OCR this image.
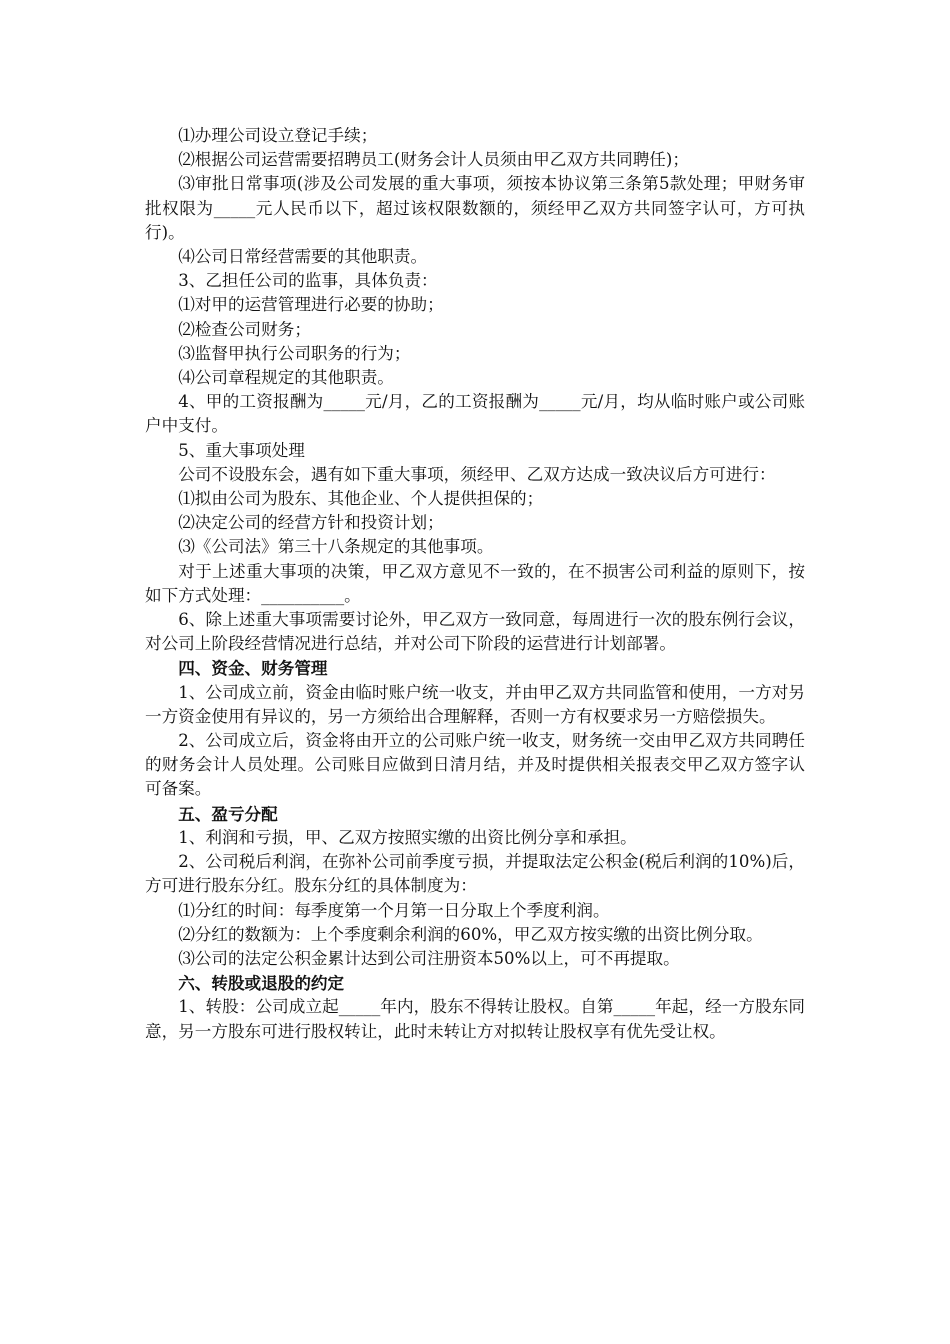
⑴办理公司设立登记手续；

⑵根据公司运营需要招聘员工(财务会计人员须由甲乙双方共同聘任)；

⑶审批日常事项(涉及公司发展的重大事项，须按本协议第三条第5款处理；甲财务审批权限为_____元人民币以下，超过该权限数额的，须经甲乙双方共同签字认可，方可执行)。

⑷公司日常经营需要的其他职责。

3、乙担任公司的监事，具体负责：

⑴对甲的运营管理进行必要的协助；

⑵检查公司财务；

⑶监督甲执行公司职务的行为；

⑷公司章程规定的其他职责。

4、甲的工资报酬为_____元/月，乙的工资报酬为_____元/月，均从临时账户或公司账户中支付。

5、重大事项处理

公司不设股东会，遇有如下重大事项，须经甲、乙双方达成一致决议后方可进行：

⑴拟由公司为股东、其他企业、个人提供担保的；

⑵决定公司的经营方针和投资计划；

⑶《公司法》第三十八条规定的其他事项。

对于上述重大事项的决策，甲乙双方意见不一致的，在不损害公司利益的原则下，按如下方式处理：__________。

6、除上述重大事项需要讨论外，甲乙双方一致同意，每周进行一次的股东例行会议，对公司上阶段经营情况进行总结，并对公司下阶段的运营进行计划部署。

四、资金、财务管理

1、公司成立前，资金由临时账户统一收支，并由甲乙双方共同监管和使用，一方对另一方资金使用有异议的，另一方须给出合理解释，否则一方有权要求另一方赔偿损失。

2、公司成立后，资金将由开立的公司账户统一收支，财务统一交由甲乙双方共同聘任的财务会计人员处理。公司账目应做到日清月结，并及时提供相关报表交甲乙双方签字认可备案。

五、盈亏分配

1、利润和亏损，甲、乙双方按照实缴的出资比例分享和承担。

2、公司税后利润，在弥补公司前季度亏损，并提取法定公积金(税后利润的10%)后，方可进行股东分红。股东分红的具体制度为：

⑴分红的时间：每季度第一个月第一日分取上个季度利润。

⑵分红的数额为：上个季度剩余利润的60%，甲乙双方按实缴的出资比例分取。

⑶公司的法定公积金累计达到公司注册资本50%以上，可不再提取。

六、转股或退股的约定

1、转股：公司成立起_____年内，股东不得转让股权。自第_____年起，经一方股东同意，另一方股东可进行股权转让，此时未转让方对拟转让股权享有优先受让权。
